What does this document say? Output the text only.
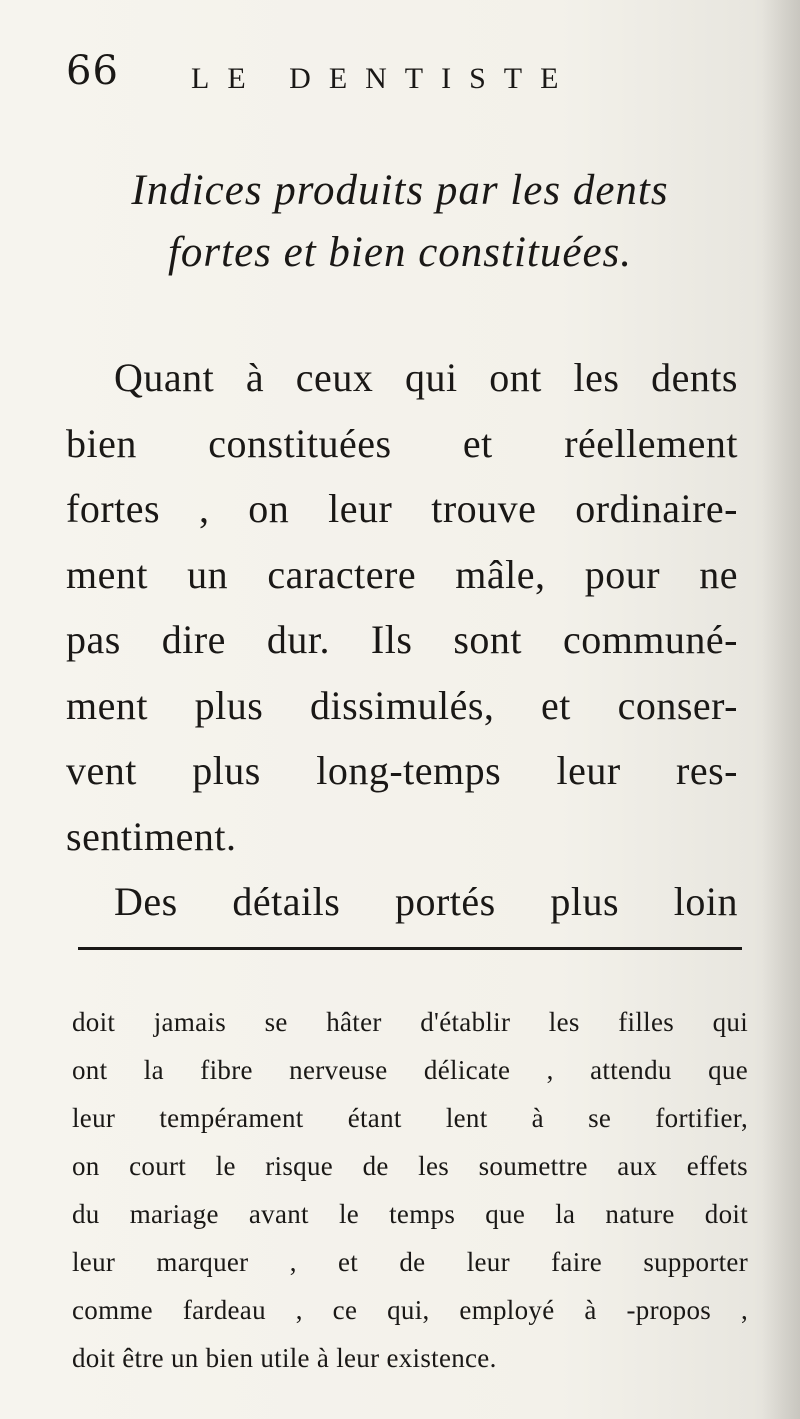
66 LE DENTISTE
Indices produits par les dents
fortes et bien constituées.
Quant à ceux qui ont les dents
bien constituées et réellement
fortes , on leur trouve ordinaire-
ment un caractere mâle, pour ne
pas dire dur. Ils sont communé-
ment plus dissimulés, et conser-
vent plus long-temps leur res-
sentiment.
Des détails portés plus loin
doit jamais se hâter d'établir les filles qui
ont la fibre nerveuse délicate , attendu que
leur tempérament étant lent à se fortifier,
on court le risque de les soumettre aux effets
du mariage avant le temps que la nature doit
leur marquer , et de leur faire supporter
comme fardeau , ce qui, employé à -propos ,
doit être un bien utile à leur existence.
